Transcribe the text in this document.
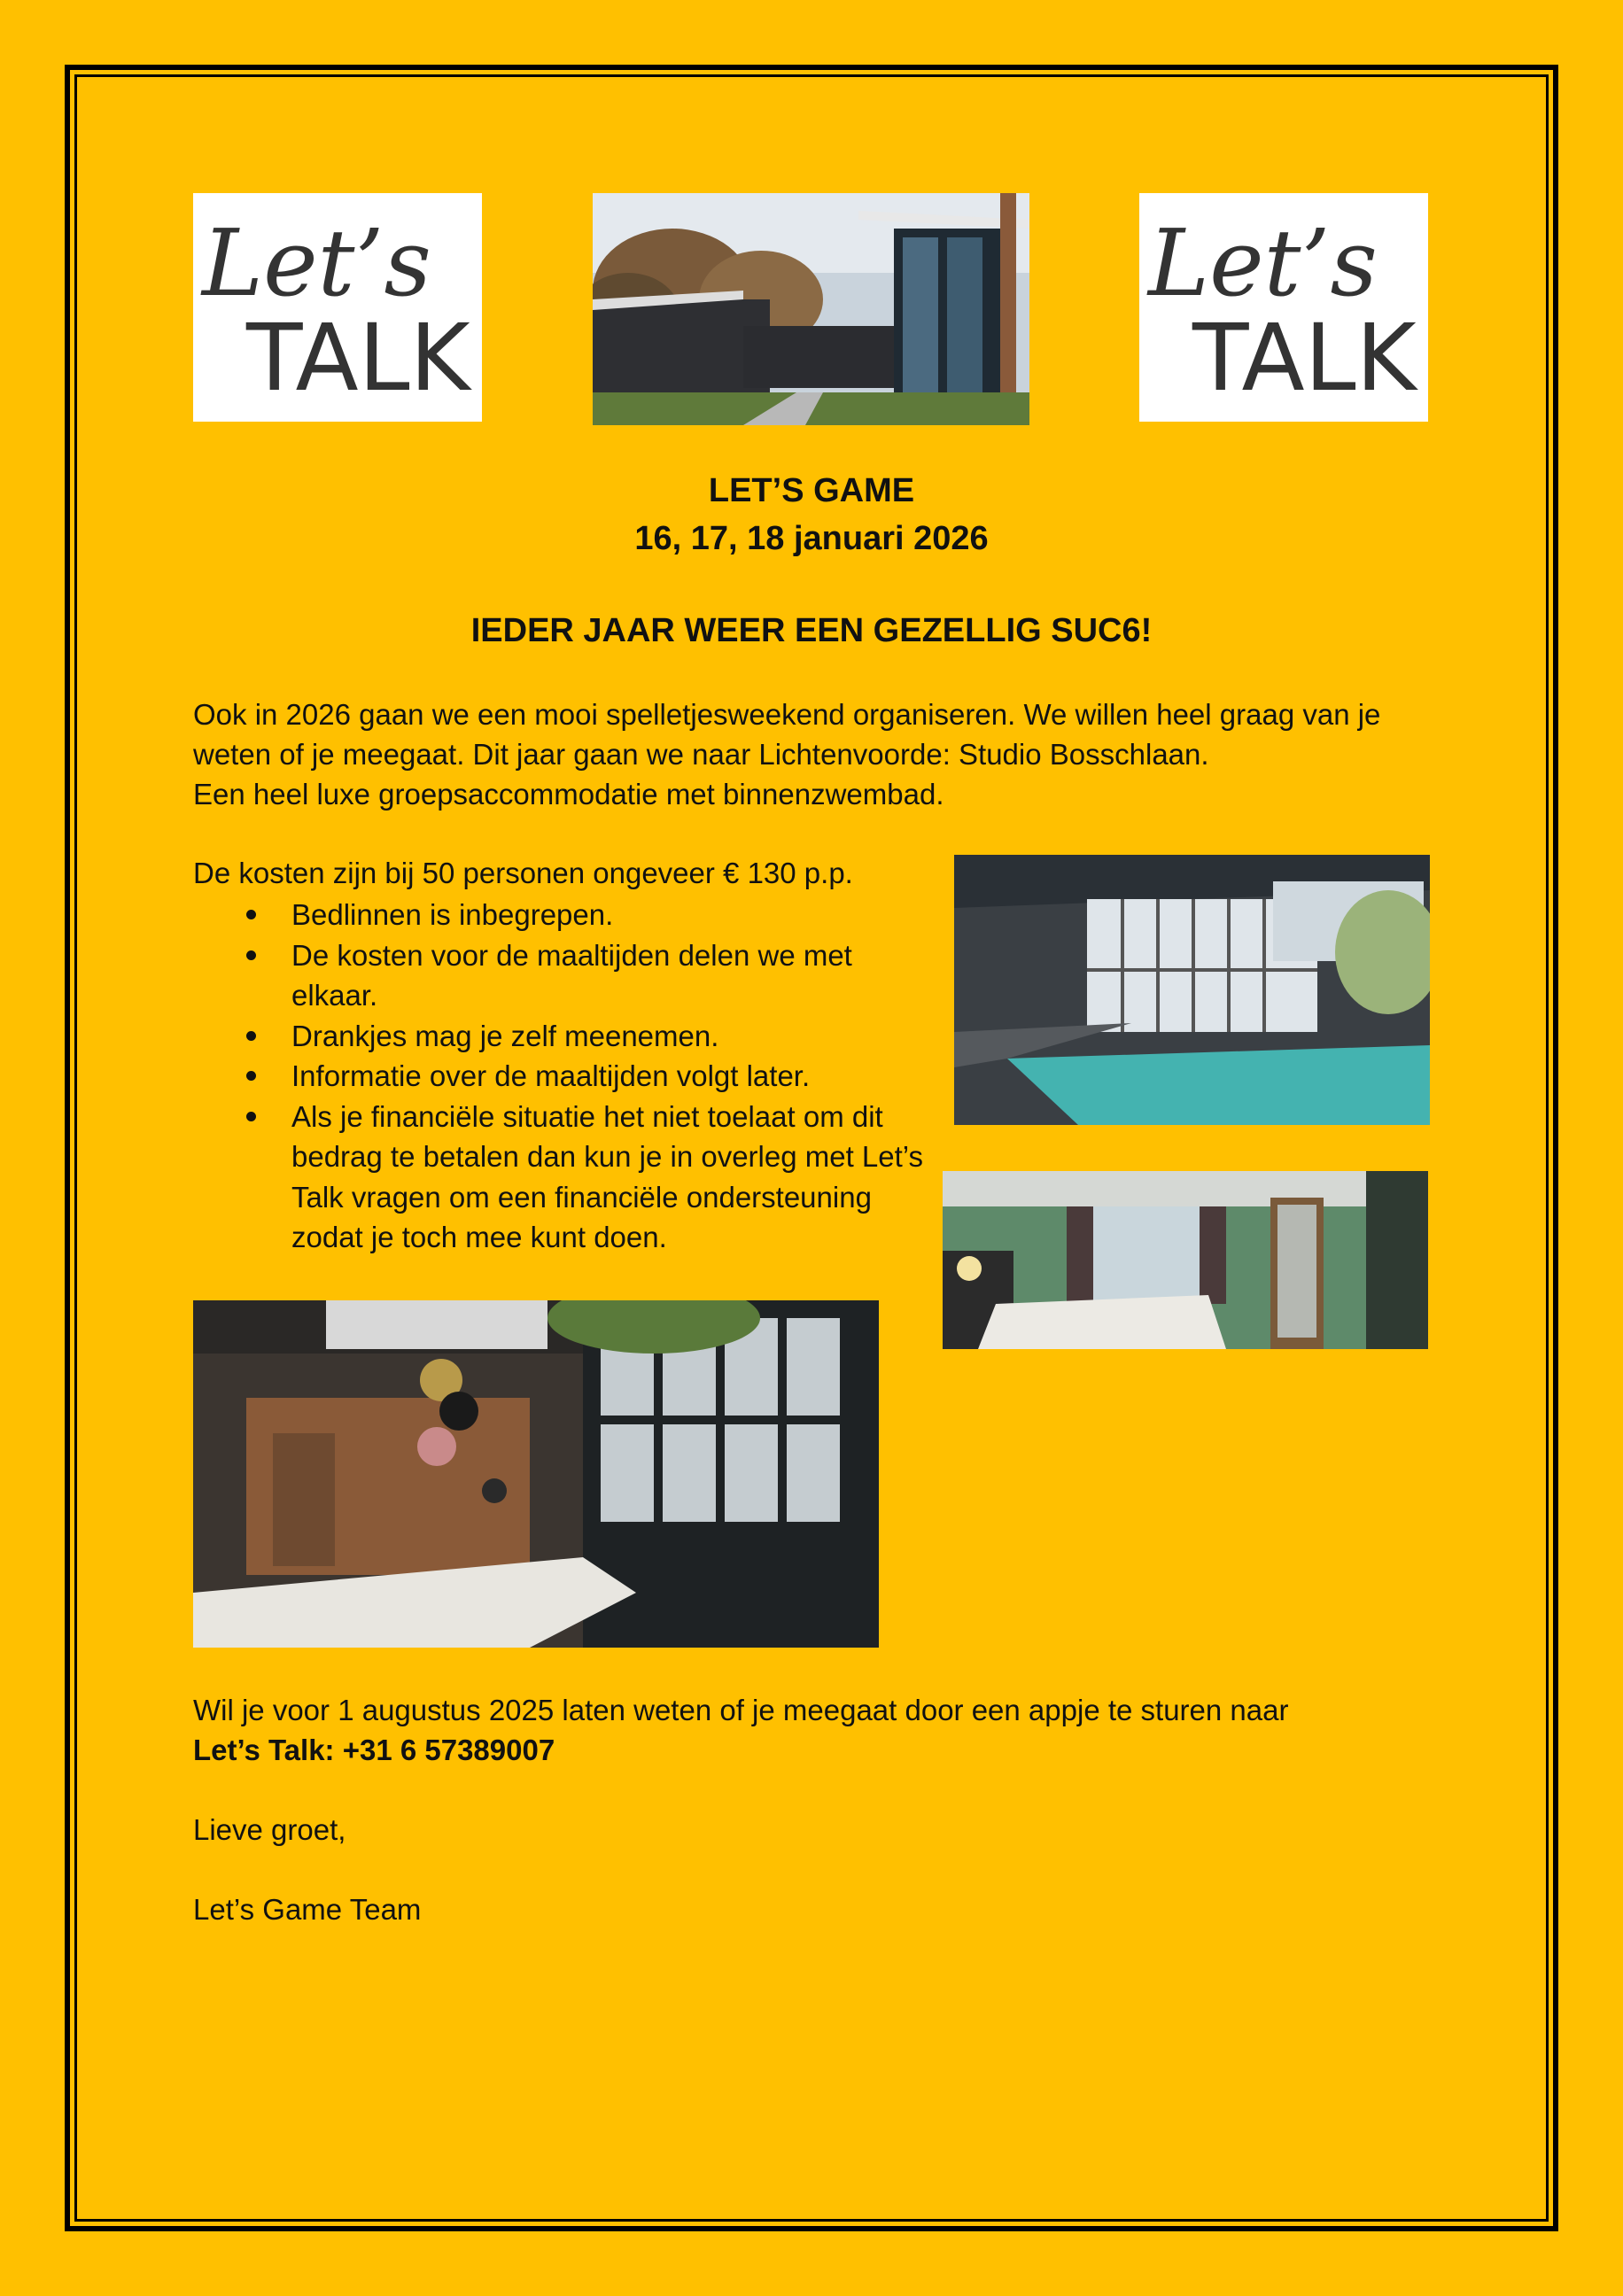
Let’s
TALK
Let’s
TALK
LET’S GAME
16, 17, 18 januari 2026
IEDER JAAR WEER EEN GEZELLIG SUC6!

Ook in 2026 gaan we een mooi spelletjesweekend organiseren. We willen heel graag van je

weten of je meegaat. Dit jaar gaan we naar Lichtenvoorde: Studio Bosschlaan.

Een heel luxe groepsaccommodatie met binnenzwembad.

De kosten zijn bij 50 personen ongeveer € 130 p.p.
Bedlinnen is inbegrepen.
De kosten voor de maaltijden delen we met elkaar.
Drankjes mag je zelf meenemen.
Informatie over de maaltijden volgt later.
Als je financiële situatie het niet toelaat om dit bedrag te betalen dan kun je in overleg met Let’s Talk vragen om een financiële ondersteuning zodat je toch mee kunt doen.

Wil je voor 1 augustus 2025 laten weten of je meegaat door een appje te sturen naar

Let’s Talk: +31 6 57389007

Lieve groet,
Let’s Game Team
